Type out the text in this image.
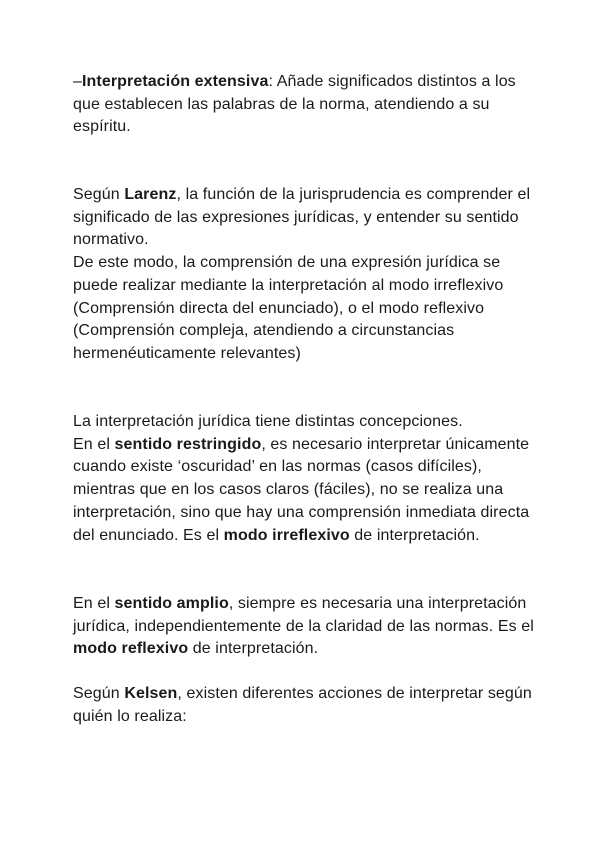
–Interpretación extensiva: Añade significados distintos a los que establecen las palabras de la norma, atendiendo a su espíritu.

Según Larenz, la función de la jurisprudencia es comprender el significado de las expresiones jurídicas, y entender su sentido normativo.

De este modo, la comprensión de una expresión jurídica se puede realizar mediante la interpretación al modo irreflexivo (Comprensión directa del enunciado), o el modo reflexivo (Comprensión compleja, atendiendo a circunstancias hermenéuticamente relevantes)

La interpretación jurídica tiene distintas concepciones.

En el sentido restringido, es necesario interpretar únicamente cuando existe ‘oscuridad’ en las normas (casos difíciles), mientras que en los casos claros (fáciles), no se realiza una interpretación, sino que hay una comprensión inmediata directa del enunciado. Es el modo irreflexivo de interpretación.

En el sentido amplio, siempre es necesaria una interpretación jurídica, independientemente de la claridad de las normas. Es el modo reflexivo de interpretación.

Según Kelsen, existen diferentes acciones de interpretar según quién lo realiza:
